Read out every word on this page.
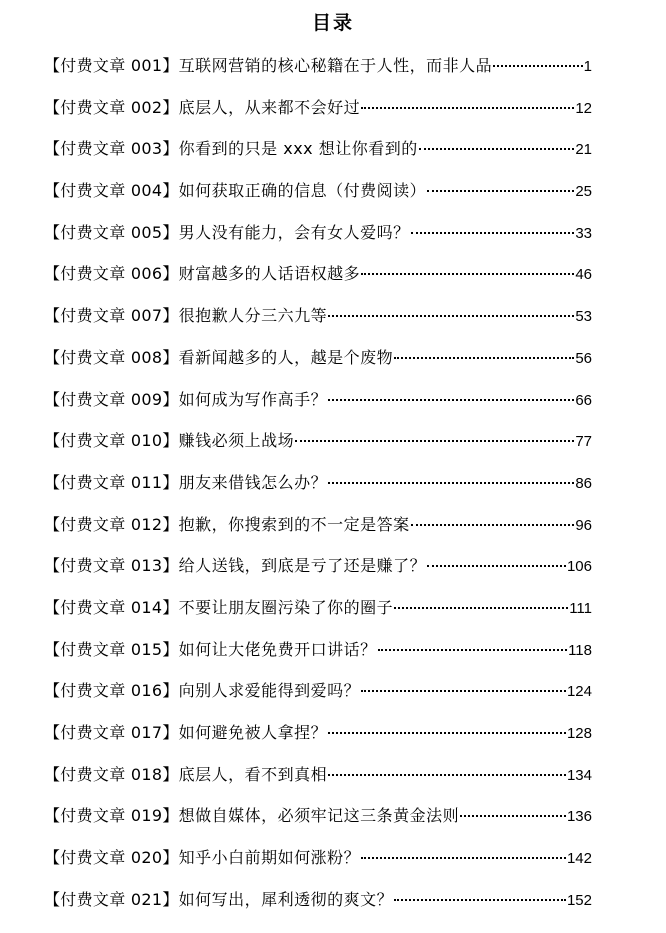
目录
【付费文章 001】 互联网营销的核心秘籍在于人性，而非人品	1
【付费文章 002】 底层人，从来都不会好过	12
【付费文章 003】 你看到的只是 xxx 想让你看到的	21
【付费文章 004】 如何获取正确的信息（付费阅读）	25
【付费文章 005】 男人没有能力，会有女人爱吗？	33
【付费文章 006】 财富越多的人话语权越多	46
【付费文章 007】 很抱歉人分三六九等	53
【付费文章 008】 看新闻越多的人，越是个废物	56
【付费文章 009】 如何成为写作高手？	66
【付费文章 010】 赚钱必须上战场	77
【付费文章 011】 朋友来借钱怎么办？	86
【付费文章 012】 抱歉，你搜索到的不一定是答案	96
【付费文章 013】 给人送钱，到底是亏了还是赚了？	106
【付费文章 014】 不要让朋友圈污染了你的圈子	111
【付费文章 015】 如何让大佬免费开口讲话？	118
【付费文章 016】 向别人求爱能得到爱吗？	124
【付费文章 017】 如何避免被人拿捏？	128
【付费文章 018】 底层人，看不到真相	134
【付费文章 019】 想做自媒体，必须牢记这三条黄金法则	136
【付费文章 020】 知乎小白前期如何涨粉？	142
【付费文章 021】 如何写出，犀利透彻的爽文？	152
